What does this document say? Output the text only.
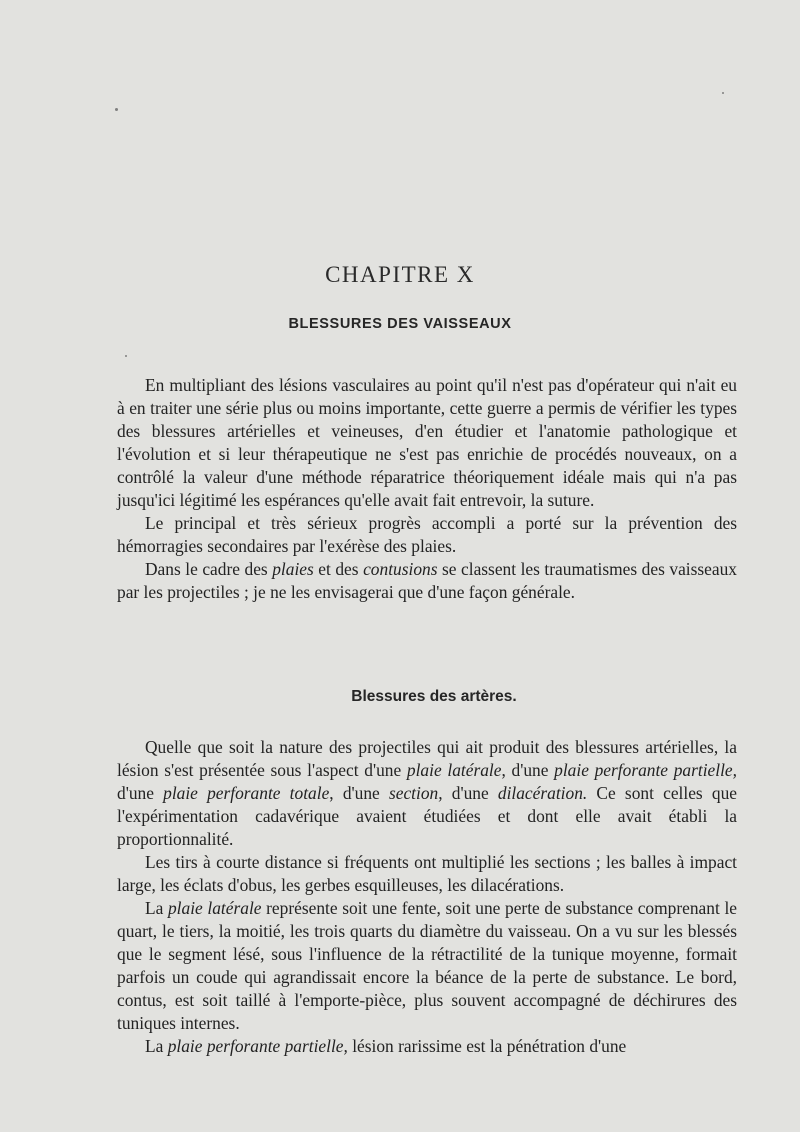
CHAPITRE X
BLESSURES DES VAISSEAUX

En multipliant des lésions vasculaires au point qu'il n'est pas d'opérateur qui n'ait eu à en traiter une série plus ou moins importante, cette guerre a permis de vérifier les types des blessures artérielles et veineuses, d'en étudier et l'anatomie pathologique et l'évolution et si leur thérapeutique ne s'est pas enrichie de procédés nouveaux, on a contrôlé la valeur d'une méthode réparatrice théoriquement idéale mais qui n'a pas jusqu'ici légitimé les espérances qu'elle avait fait entrevoir, la suture.

Le principal et très sérieux progrès accompli a porté sur la prévention des hémorragies secondaires par l'exérèse des plaies.

Dans le cadre des plaies et des contusions se classent les traumatismes des vaisseaux par les projectiles ; je ne les envisagerai que d'une façon générale.

Blessures des artères.

Quelle que soit la nature des projectiles qui ait produit des blessures artérielles, la lésion s'est présentée sous l'aspect d'une plaie latérale, d'une plaie perforante partielle, d'une plaie perforante totale, d'une section, d'une dilacération. Ce sont celles que l'expérimentation cadavérique avaient étudiées et dont elle avait établi la proportionnalité.

Les tirs à courte distance si fréquents ont multiplié les sections ; les balles à impact large, les éclats d'obus, les gerbes esquilleuses, les dilacérations.

La plaie latérale représente soit une fente, soit une perte de substance comprenant le quart, le tiers, la moitié, les trois quarts du diamètre du vaisseau. On a vu sur les blessés que le segment lésé, sous l'influence de la rétractilité de la tunique moyenne, formait parfois un coude qui agrandissait encore la béance de la perte de substance. Le bord, contus, est soit taillé à l'emporte-pièce, plus souvent accompagné de déchirures des tuniques internes.

La plaie perforante partielle, lésion rarissime est la pénétration d'une
